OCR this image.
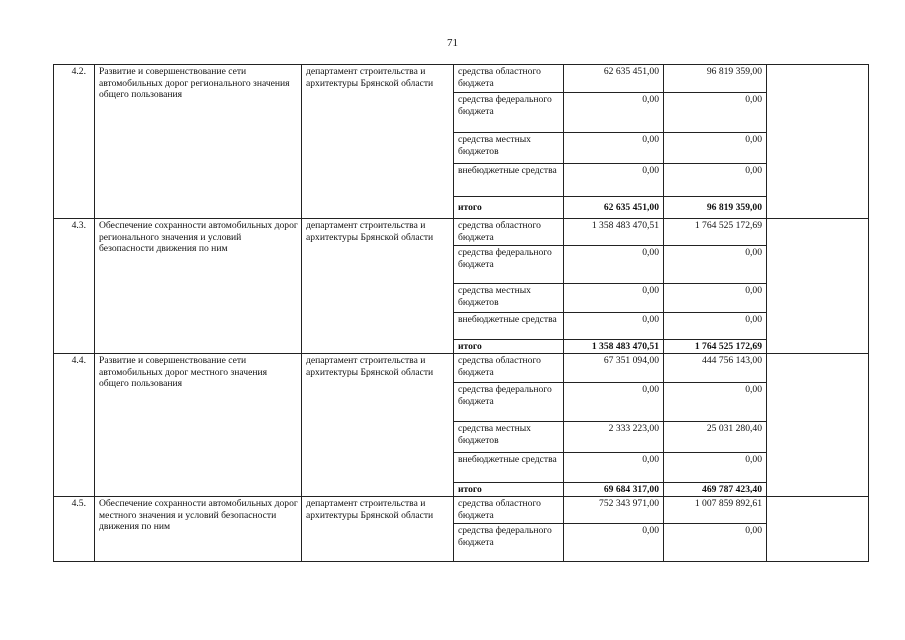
71
4.2.	Развитие и совершенствование сети автомобильных дорог регионального значения общего пользования	департамент строительства и архитектуры Брянской области	средства областного бюджета	62 635 451,00	96 819 359,00	
			средства федерального бюджета	0,00	0,00	
			средства местных бюджетов	0,00	0,00	
			внебюджетные средства	0,00	0,00	
			итого	62 635 451,00	96 819 359,00	
4.3.	Обеспечение сохранности автомобильных дорог регионального значения и условий безопасности движения по ним	департамент строительства и архитектуры Брянской области	средства областного бюджета	1 358 483 470,51	1 764 525 172,69	
			средства федерального бюджета	0,00	0,00	
			средства местных бюджетов	0,00	0,00	
			внебюджетные средства	0,00	0,00	
			итого	1 358 483 470,51	1 764 525 172,69	
4.4.	Развитие и совершенствование сети автомобильных дорог местного значения общего пользования	департамент строительства и архитектуры Брянской области	средства областного бюджета	67 351 094,00	444 756 143,00	
			средства федерального бюджета	0,00	0,00	
			средства местных бюджетов	2 333 223,00	25 031 280,40	
			внебюджетные средства	0,00	0,00	
			итого	69 684 317,00	469 787 423,40	
4.5.	Обеспечение сохранности автомобильных дорог местного значения и условий безопасности движения по ним	департамент строительства и архитектуры Брянской области	средства областного бюджета	752 343 971,00	1 007 859 892,61	
			средства федерального бюджета	0,00	0,00	
